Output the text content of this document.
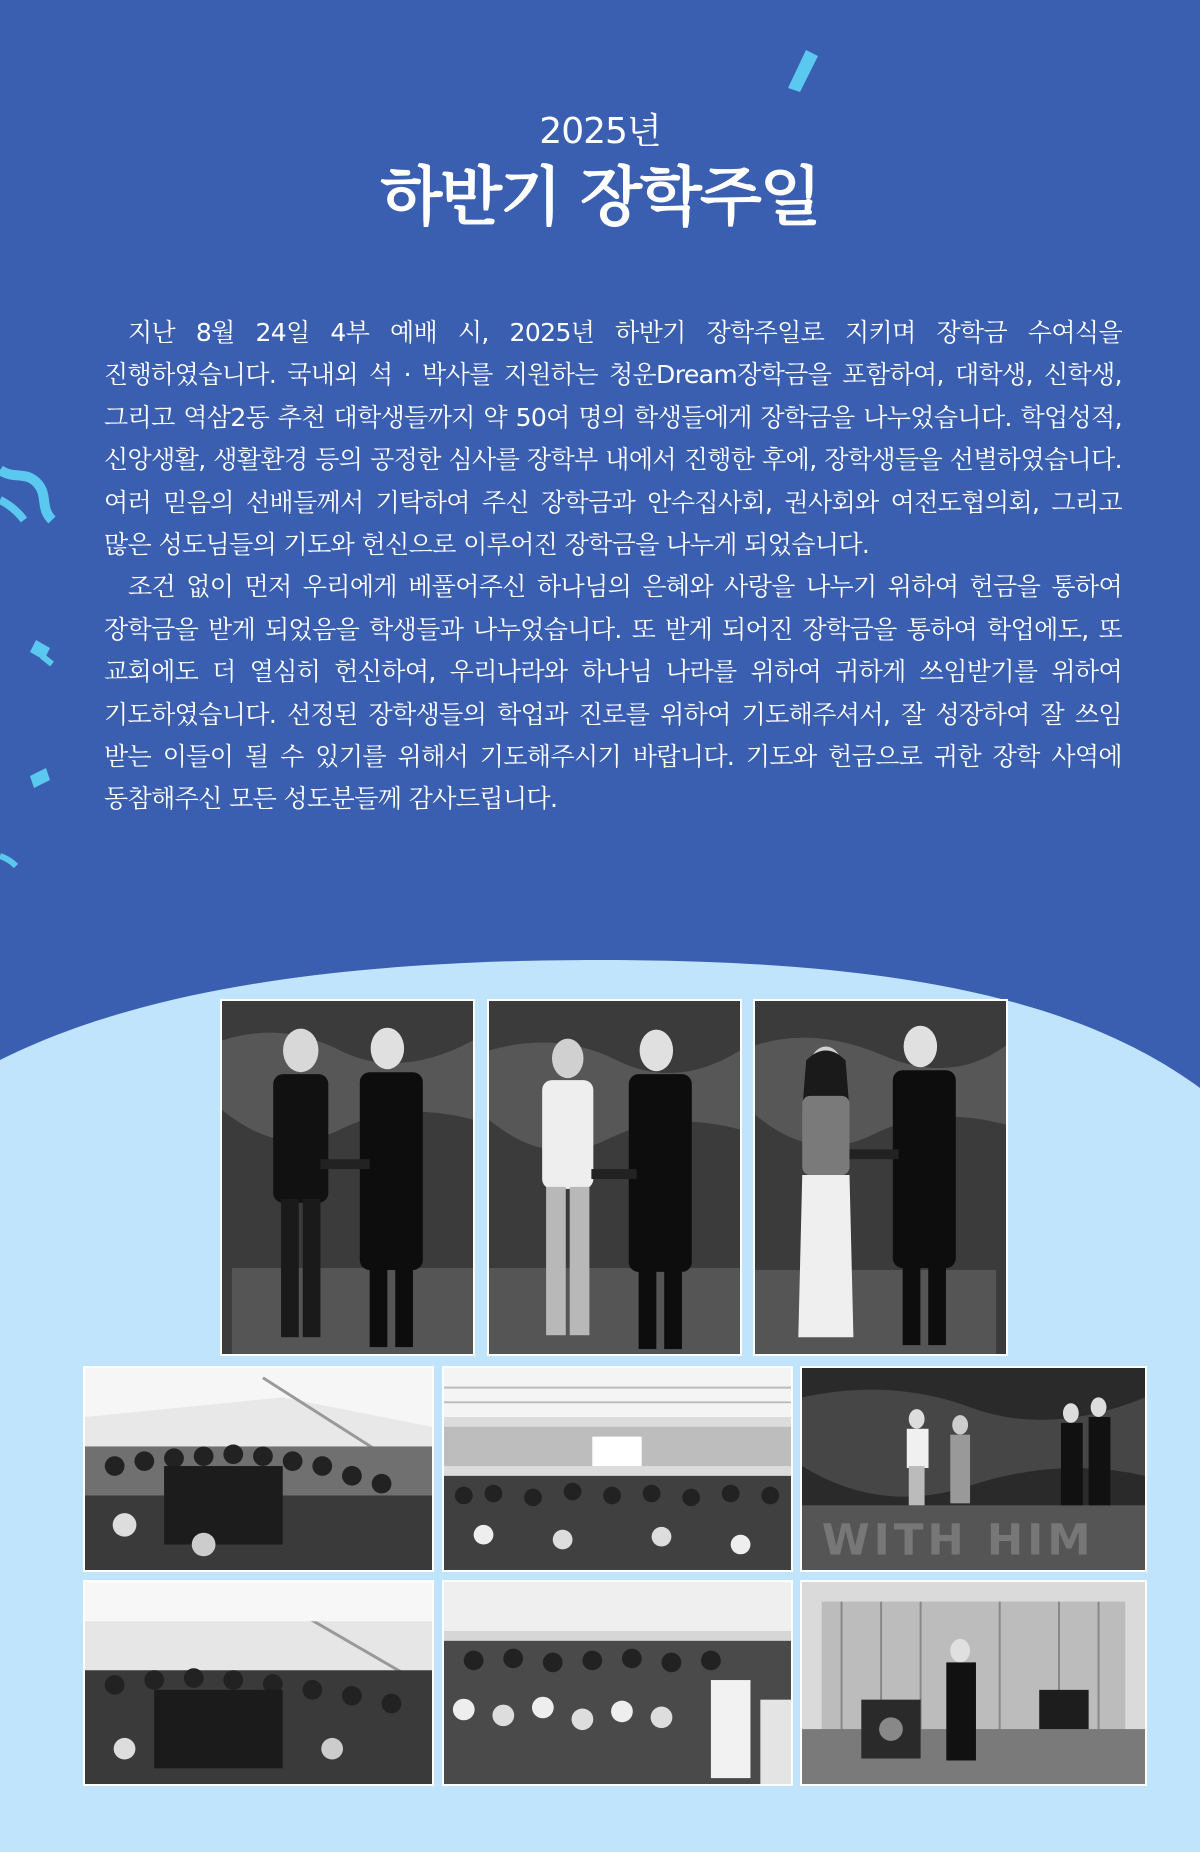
2025년
하반기 장학주일

지난 8월 24일 4부 예배 시, 2025년 하반기 장학주일로 지키며 장학금 수여식을 진행하였습니다. 국내외 석 · 박사를 지원하는 청운Dream장학금을 포함하여, 대학생, 신학생, 그리고 역삼2동 추천 대학생들까지 약 50여 명의 학생들에게 장학금을 나누었습니다. 학업성적, 신앙생활, 생활환경 등의 공정한 심사를 장학부 내에서 진행한 후에, 장학생들을 선별하였습니다. 여러 믿음의 선배들께서 기탁하여 주신 장학금과 안수집사회, 권사회와 여전도협의회, 그리고 많은 성도님들의 기도와 헌신으로 이루어진 장학금을 나누게 되었습니다.

조건 없이 먼저 우리에게 베풀어주신 하나님의 은혜와 사랑을 나누기 위하여 헌금을 통하여 장학금을 받게 되었음을 학생들과 나누었습니다. 또 받게 되어진 장학금을 통하여 학업에도, 또 교회에도 더 열심히 헌신하여, 우리나라와 하나님 나라를 위하여 귀하게 쓰임받기를 위하여 기도하였습니다. 선정된 장학생들의 학업과 진로를 위하여 기도해주셔서, 잘 성장하여 잘 쓰임 받는 이들이 될 수 있기를 위해서 기도해주시기 바랍니다. 기도와 헌금으로 귀한 장학 사역에 동참해주신 모든 성도분들께 감사드립니다.

WITH HIM
